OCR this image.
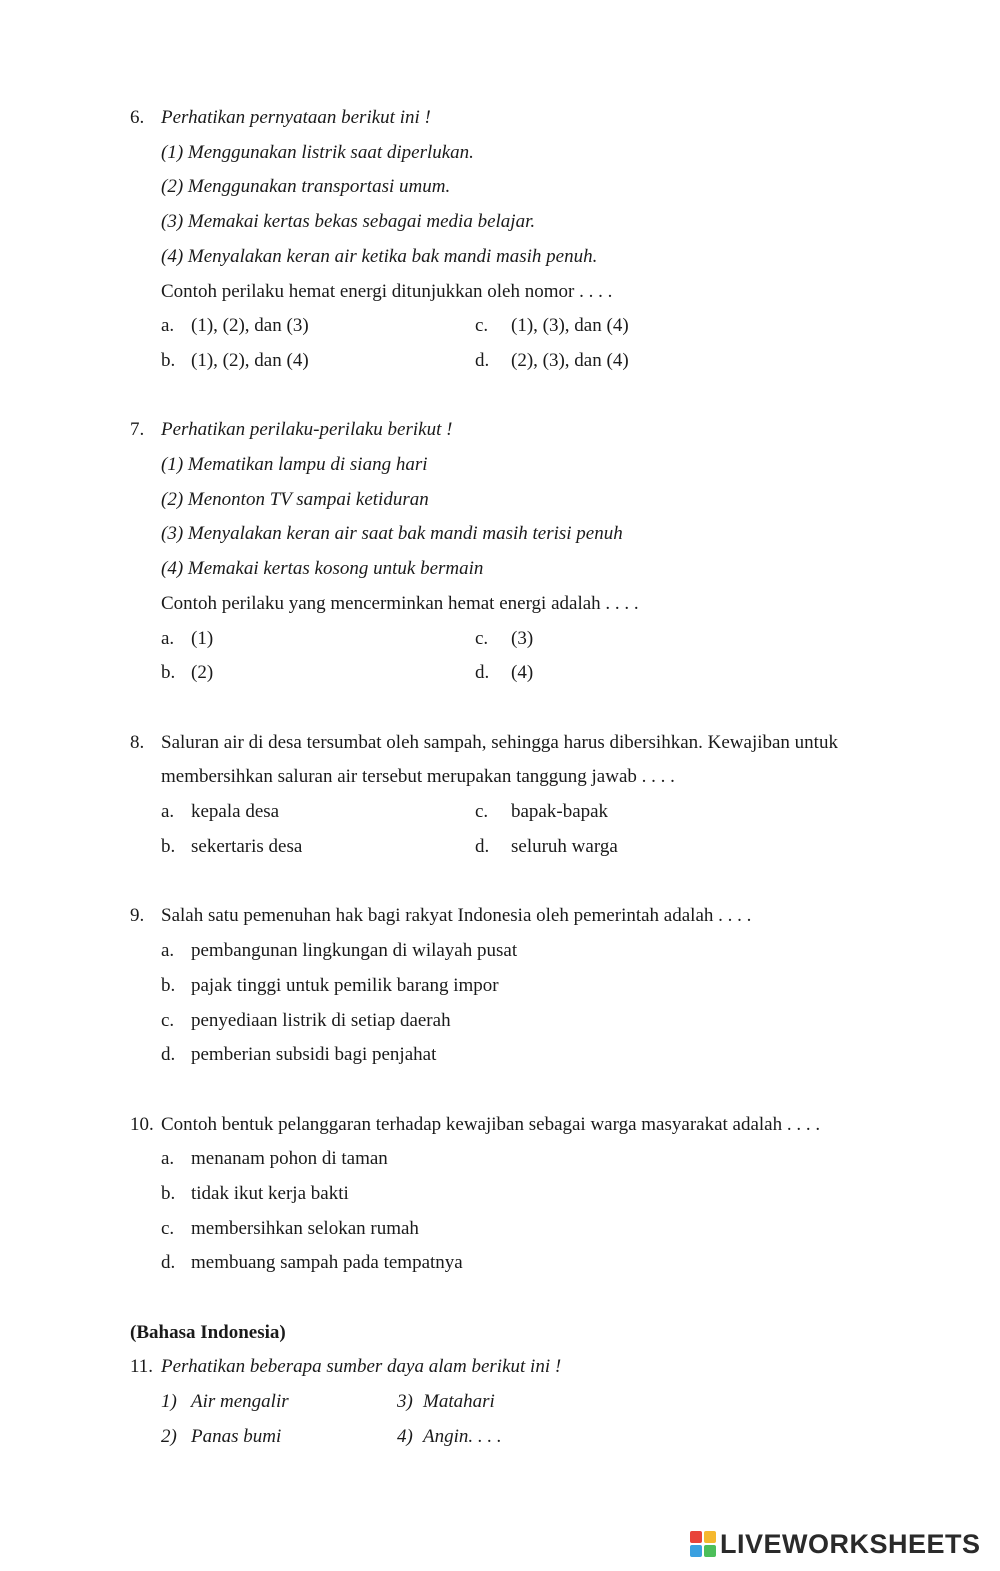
6. Perhatikan pernyataan berikut ini !
(1) Menggunakan listrik saat diperlukan.
(2) Menggunakan transportasi umum.
(3) Memakai kertas bekas sebagai media belajar.
(4) Menyalakan keran air ketika bak mandi masih penuh.
Contoh perilaku hemat energi ditunjukkan oleh nomor . . . .
a. (1), (2), dan (3)
b. (1), (2), dan (4)
c. (1), (3), dan (4)
d. (2), (3), dan (4)
7. Perhatikan perilaku-perilaku berikut !
(1) Mematikan lampu di siang hari
(2) Menonton TV sampai ketiduran
(3) Menyalakan keran air saat bak mandi masih terisi penuh
(4) Memakai kertas kosong untuk bermain
Contoh perilaku yang mencerminkan hemat energi adalah . . . .
a. (1)
b. (2)
c. (3)
d. (4)
8. Saluran air di desa tersumbat oleh sampah, sehingga harus dibersihkan. Kewajiban untuk
membersihkan saluran air tersebut merupakan tanggung jawab . . . .
a. kepala desa
b. sekertaris desa
c. bapak-bapak
d. seluruh warga
9. Salah satu pemenuhan hak bagi rakyat Indonesia oleh pemerintah adalah . . . .
a. pembangunan lingkungan di wilayah pusat
b. pajak tinggi untuk pemilik barang impor
c. penyediaan listrik di setiap daerah
d. pemberian subsidi bagi penjahat
10. Contoh bentuk pelanggaran terhadap kewajiban sebagai warga masyarakat adalah . . . .
a. menanam pohon di taman
b. tidak ikut kerja bakti
c. membersihkan selokan rumah
d. membuang sampah pada tempatnya
(Bahasa Indonesia)
11. Perhatikan beberapa sumber daya alam berikut ini !
1) Air mengalir
2) Panas bumi
3) Matahari
4) Angin. . . .
LIVEWORKSHEETS
